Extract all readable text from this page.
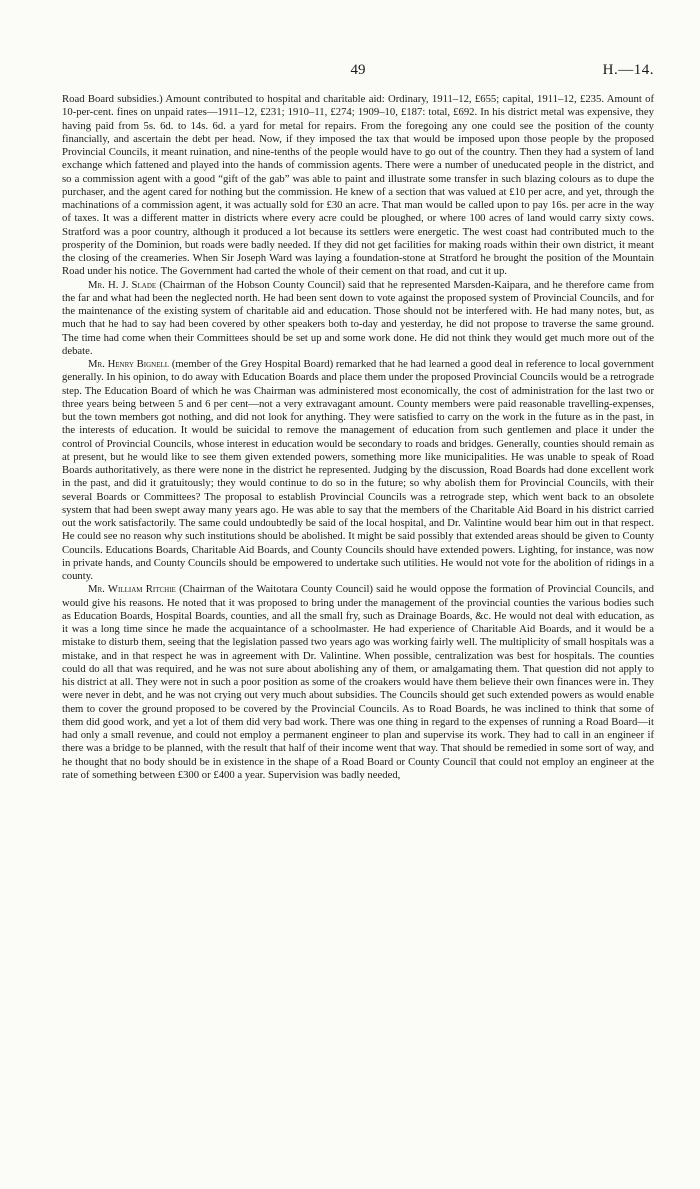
49	H.—14.

Road Board subsidies.) Amount contributed to hospital and charitable aid: Ordinary, 1911–12, £655; capital, 1911–12, £235. Amount of 10-per-cent. fines on unpaid rates—1911–12, £231; 1910–11, £274; 1909–10, £187: total, £692. In his district metal was expensive, they having paid from 5s. 6d. to 14s. 6d. a yard for metal for repairs. From the foregoing any one could see the position of the county financially, and ascertain the debt per head. Now, if they imposed the tax that would be imposed upon those people by the proposed Provincial Councils, it meant ruination, and nine-tenths of the people would have to go out of the country. Then they had a system of land exchange which fattened and played into the hands of commission agents. There were a number of uneducated people in the district, and so a commission agent with a good “gift of the gab” was able to paint and illustrate some transfer in such blazing colours as to dupe the purchaser, and the agent cared for nothing but the commission. He knew of a section that was valued at £10 per acre, and yet, through the machinations of a commission agent, it was actually sold for £30 an acre. That man would be called upon to pay 16s. per acre in the way of taxes. It was a different matter in districts where every acre could be ploughed, or where 100 acres of land would carry sixty cows. Stratford was a poor country, although it produced a lot because its settlers were energetic. The west coast had contributed much to the prosperity of the Dominion, but roads were badly needed. If they did not get facilities for making roads within their own district, it meant the closing of the creameries. When Sir Joseph Ward was laying a foundation-stone at Stratford he brought the position of the Mountain Road under his notice. The Government had carted the whole of their cement on that road, and cut it up.

Mr. H. J. Slade (Chairman of the Hobson County Council) said that he represented Marsden-Kaipara, and he therefore came from the far and what had been the neglected north. He had been sent down to vote against the proposed system of Provincial Councils, and for the maintenance of the existing system of charitable aid and education. Those should not be interfered with. He had many notes, but, as much that he had to say had been covered by other speakers both to-day and yesterday, he did not propose to traverse the same ground. The time had come when their Committees should be set up and some work done. He did not think they would get much more out of the debate.

Mr. Henry Bignell (member of the Grey Hospital Board) remarked that he had learned a good deal in reference to local government generally. In his opinion, to do away with Education Boards and place them under the proposed Provincial Councils would be a retrograde step. The Education Board of which he was Chairman was administered most economically, the cost of administration for the last two or three years being between 5 and 6 per cent—not a very extravagant amount. County members were paid reasonable travelling-expenses, but the town members got nothing, and did not look for anything. They were satisfied to carry on the work in the future as in the past, in the interests of education. It would be suicidal to remove the management of education from such gentlemen and place it under the control of Provincial Councils, whose interest in education would be secondary to roads and bridges. Generally, counties should remain as at present, but he would like to see them given extended powers, something more like municipalities. He was unable to speak of Road Boards authoritatively, as there were none in the district he represented. Judging by the discussion, Road Boards had done excellent work in the past, and did it gratuitously; they would continue to do so in the future; so why abolish them for Provincial Councils, with their several Boards or Committees? The proposal to establish Provincial Councils was a retrograde step, which went back to an obsolete system that had been swept away many years ago. He was able to say that the members of the Charitable Aid Board in his district carried out the work satisfactorily. The same could undoubtedly be said of the local hospital, and Dr. Valintine would bear him out in that respect. He could see no reason why such institutions should be abolished. It might be said possibly that extended areas should be given to County Councils. Educations Boards, Charitable Aid Boards, and County Councils should have extended powers. Lighting, for instance, was now in private hands, and County Councils should be empowered to undertake such utilities. He would not vote for the abolition of ridings in a county.

Mr. William Ritchie (Chairman of the Waitotara County Council) said he would oppose the formation of Provincial Councils, and would give his reasons. He noted that it was proposed to bring under the management of the provincial counties the various bodies such as Education Boards, Hospital Boards, counties, and all the small fry, such as Drainage Boards, &c. He would not deal with education, as it was a long time since he made the acquaintance of a schoolmaster. He had experience of Charitable Aid Boards, and it would be a mistake to disturb them, seeing that the legislation passed two years ago was working fairly well. The multiplicity of small hospitals was a mistake, and in that respect he was in agreement with Dr. Valintine. When possible, centralization was best for hospitals. The counties could do all that was required, and he was not sure about abolishing any of them, or amalgamating them. That question did not apply to his district at all. They were not in such a poor position as some of the croakers would have them believe their own finances were in. They were never in debt, and he was not crying out very much about subsidies. The Councils should get such extended powers as would enable them to cover the ground proposed to be covered by the Provincial Councils. As to Road Boards, he was inclined to think that some of them did good work, and yet a lot of them did very bad work. There was one thing in regard to the expenses of running a Road Board—it had only a small revenue, and could not employ a permanent engineer to plan and supervise its work. They had to call in an engineer if there was a bridge to be planned, with the result that half of their income went that way. That should be remedied in some sort of way, and he thought that no body should be in existence in the shape of a Road Board or County Council that could not employ an engineer at the rate of something between £300 or £400 a year. Supervision was badly needed,
